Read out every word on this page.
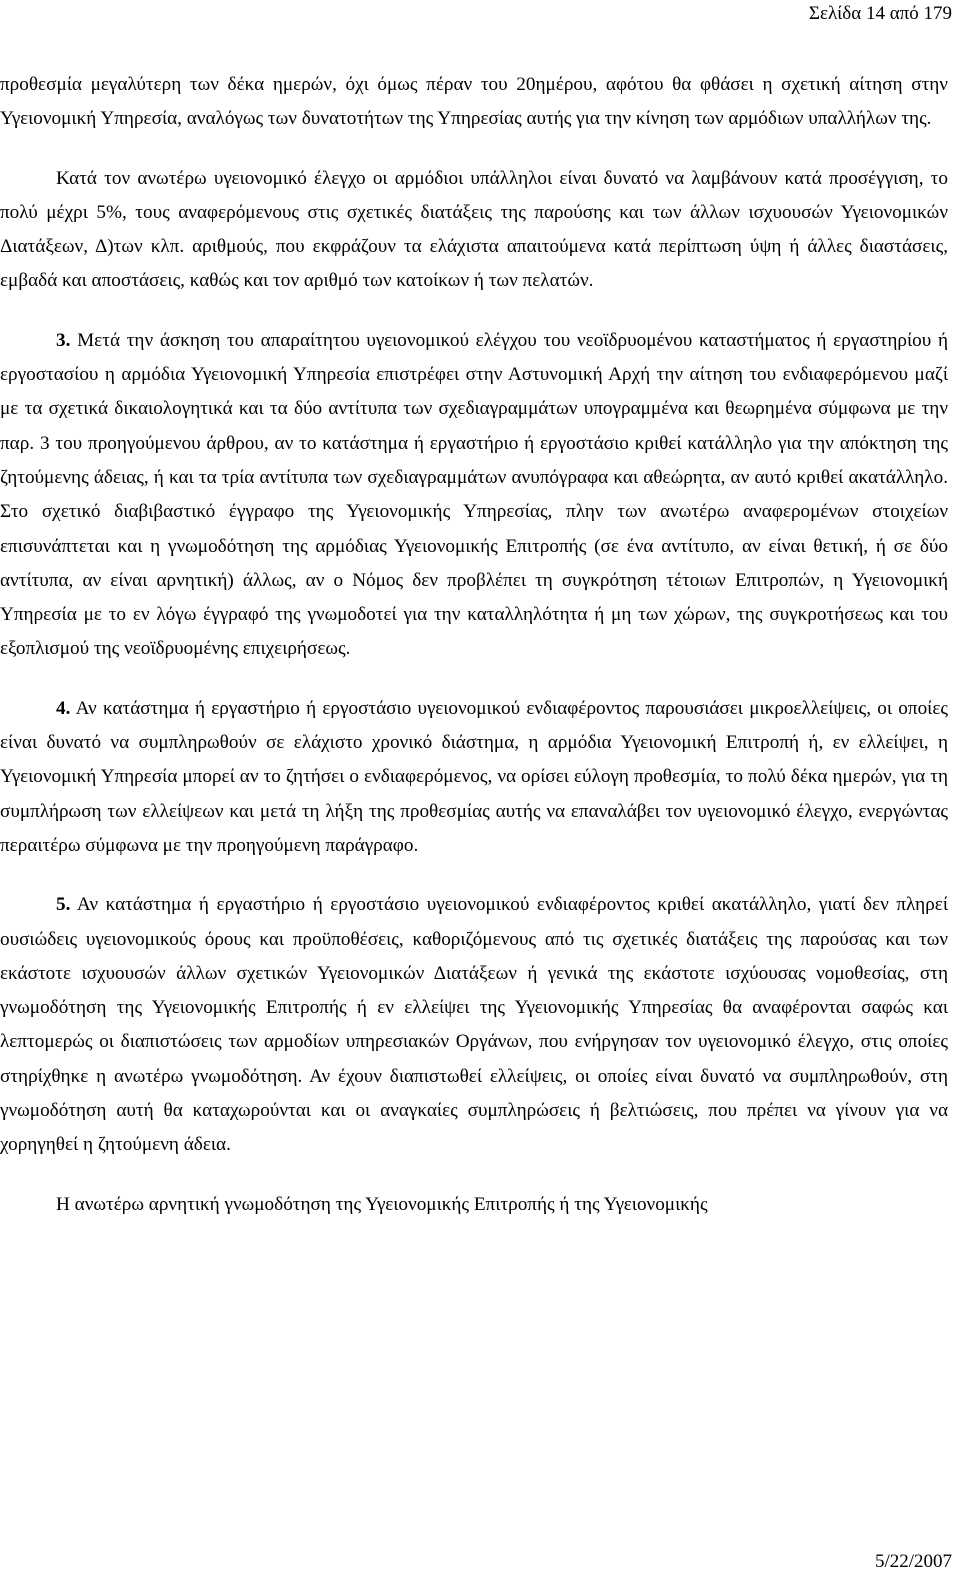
Σελίδα 14 από 179

προθεσμία μεγαλύτερη των δέκα ημερών, όχι όμως πέραν του 20ημέρου, αφότου θα φθάσει η σχετική αίτηση στην Υγειονομική Υπηρεσία, αναλόγως των δυνατοτήτων της Υπηρεσίας αυτής για την κίνηση των αρμόδιων υπαλλήλων της.

Κατά τον ανωτέρω υγειονομικό έλεγχο οι αρμόδιοι υπάλληλοι είναι δυνατό να λαμβάνουν κατά προσέγγιση, το πολύ μέχρι 5%, τους αναφερόμενους στις σχετικές διατάξεις της παρούσης και των άλλων ισχυουσών Υγειονομικών Διατάξεων, Δ)των κλπ. αριθμούς, που εκφράζουν τα ελάχιστα απαιτούμενα κατά περίπτωση ύψη ή άλλες διαστάσεις, εμβαδά και αποστάσεις, καθώς και τον αριθμό των κατοίκων ή των πελατών.

3. Μετά την άσκηση του απαραίτητου υγειονομικού ελέγχου του νεοϊδρυομένου καταστήματος ή εργαστηρίου ή εργοστασίου η αρμόδια Υγειονομική Υπηρεσία επιστρέφει στην Αστυνομική Αρχή την αίτηση του ενδιαφερόμενου μαζί με τα σχετικά δικαιολογητικά και τα δύο αντίτυπα των σχεδιαγραμμάτων υπογραμμένα και θεωρημένα σύμφωνα με την παρ. 3 του προηγούμενου άρθρου, αν το κατάστημα ή εργαστήριο ή εργοστάσιο κριθεί κατάλληλο για την απόκτηση της ζητούμενης άδειας, ή και τα τρία αντίτυπα των σχεδιαγραμμάτων ανυπόγραφα και αθεώρητα, αν αυτό κριθεί ακατάλληλο. Στο σχετικό διαβιβαστικό έγγραφο της Υγειονομικής Υπηρεσίας, πλην των ανωτέρω αναφερομένων στοιχείων επισυνάπτεται και η γνωμοδότηση της αρμόδιας Υγειονομικής Επιτροπής (σε ένα αντίτυπο, αν είναι θετική, ή σε δύο αντίτυπα, αν είναι αρνητική) άλλως, αν ο Νόμος δεν προβλέπει τη συγκρότηση τέτοιων Επιτροπών, η Υγειονομική Υπηρεσία με το εν λόγω έγγραφό της γνωμοδοτεί για την καταλληλότητα ή μη των χώρων, της συγκροτήσεως και του εξοπλισμού της νεοϊδρυομένης επιχειρήσεως.

4. Αν κατάστημα ή εργαστήριο ή εργοστάσιο υγειονομικού ενδιαφέροντος παρουσιάσει μικροελλείψεις, οι οποίες είναι δυνατό να συμπληρωθούν σε ελάχιστο χρονικό διάστημα, η αρμόδια Υγειονομική Επιτροπή ή, εν ελλείψει, η Υγειονομική Υπηρεσία μπορεί αν το ζητήσει ο ενδιαφερόμενος, να ορίσει εύλογη προθεσμία, το πολύ δέκα ημερών, για τη συμπλήρωση των ελλείψεων και μετά τη λήξη της προθεσμίας αυτής να επαναλάβει τον υγειονομικό έλεγχο, ενεργώντας περαιτέρω σύμφωνα με την προηγούμενη παράγραφο.

5. Αν κατάστημα ή εργαστήριο ή εργοστάσιο υγειονομικού ενδιαφέροντος κριθεί ακατάλληλο, γιατί δεν πληρεί ουσιώδεις υγειονομικούς όρους και προϋποθέσεις, καθοριζόμενους από τις σχετικές διατάξεις της παρούσας και των εκάστοτε ισχυουσών άλλων σχετικών Υγειονομικών Διατάξεων ή γενικά της εκάστοτε ισχύουσας νομοθεσίας, στη γνωμοδότηση της Υγειονομικής Επιτροπής ή εν ελλείψει της Υγειονομικής Υπηρεσίας θα αναφέρονται σαφώς και λεπτομερώς οι διαπιστώσεις των αρμοδίων υπηρεσιακών Οργάνων, που ενήργησαν τον υγειονομικό έλεγχο, στις οποίες στηρίχθηκε η ανωτέρω γνωμοδότηση. Αν έχουν διαπιστωθεί ελλείψεις, οι οποίες είναι δυνατό να συμπληρωθούν, στη γνωμοδότηση αυτή θα καταχωρούνται και οι αναγκαίες συμπληρώσεις ή βελτιώσεις, που πρέπει να γίνουν για να χορηγηθεί η ζητούμενη άδεια.

Η ανωτέρω αρνητική γνωμοδότηση της Υγειονομικής Επιτροπής ή της Υγειονομικής

5/22/2007
